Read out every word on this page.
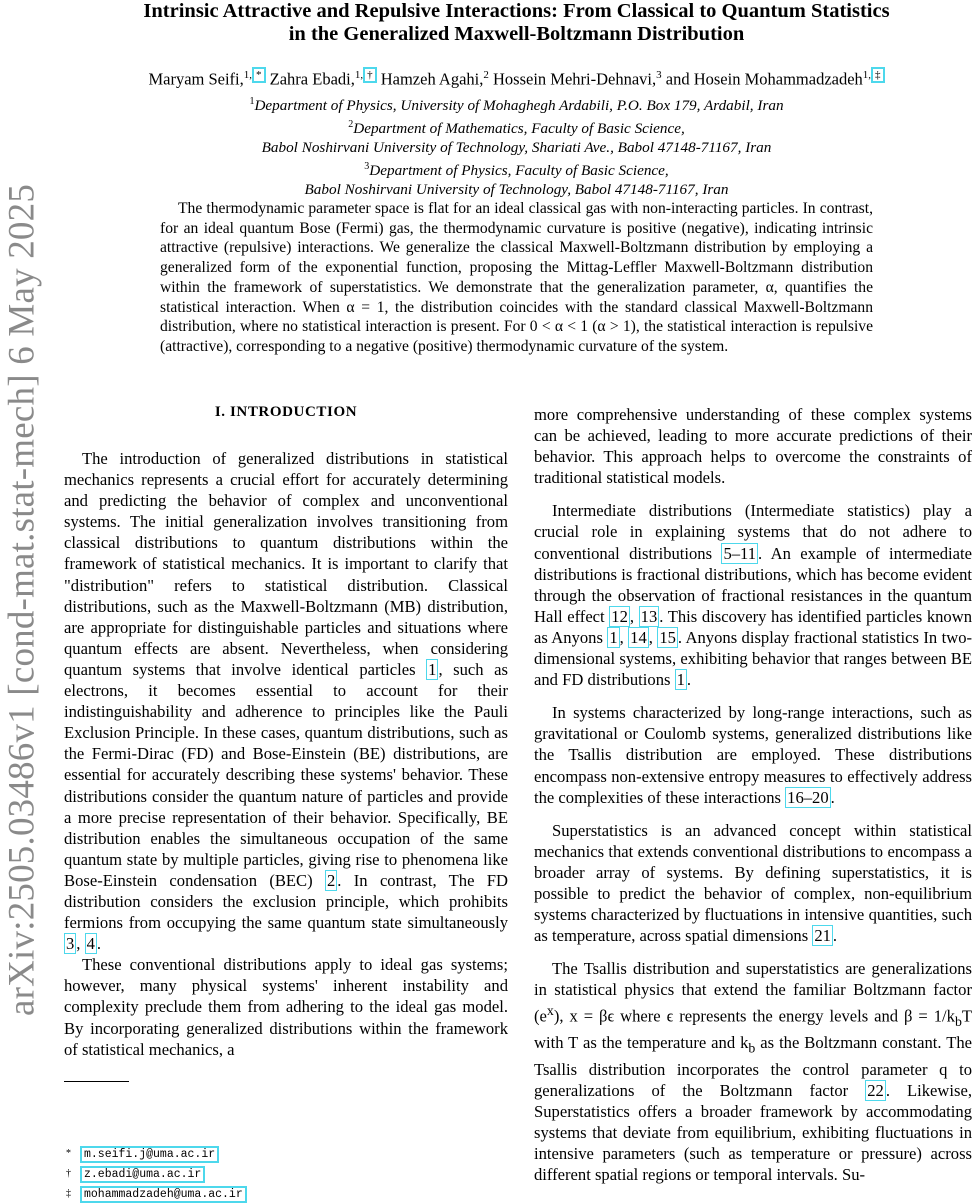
arXiv:2505.03486v1 [cond-mat.stat-mech] 6 May 2025
Intrinsic Attractive and Repulsive Interactions: From Classical to Quantum Statistics
in the Generalized Maxwell-Boltzmann Distribution
Maryam Seifi,$^{1,}$ * Zahra Ebadi,$^{1,}$ † Hamzeh Agahi,$^2$ Hossein Mehri-Dehnavi,$^3$ and Hosein Mohammadzadeh$^{1,}$ ‡
$^1$Department of Physics, University of Mohaghegh Ardabili, P.O. Box 179, Ardabil, Iran
$^2$Department of Mathematics, Faculty of Basic Science,
Babol Noshirvani University of Technology, Shariati Ave., Babol 47148-71167, Iran
$^3$Department of Physics, Faculty of Basic Science,
Babol Noshirvani University of Technology, Babol 47148-71167, Iran
The thermodynamic parameter space is flat for an ideal classical gas with non-interacting particles. In contrast, for an ideal quantum Bose (Fermi) gas, the thermodynamic curvature is positive (negative), indicating intrinsic attractive (repulsive) interactions. We generalize the classical Maxwell-Boltzmann distribution by employing a generalized form of the exponential function, proposing the Mittag-Leffler Maxwell-Boltzmann distribution within the framework of superstatistics. We demonstrate that the generalization parameter, α, quantifies the statistical interaction. When α = 1, the distribution coincides with the standard classical Maxwell-Boltzmann distribution, where no statistical interaction is present. For 0 < α < 1 (α > 1), the statistical interaction is repulsive (attractive), corresponding to a negative (positive) thermodynamic curvature of the system.
I. INTRODUCTION

The introduction of generalized distributions in statistical mechanics represents a crucial effort for accurately determining and predicting the behavior of complex and unconventional systems. The initial generalization involves transitioning from classical distributions to quantum distributions within the framework of statistical mechanics. It is important to clarify that "distribution" refers to statistical distribution. Classical distributions, such as the Maxwell-Boltzmann (MB) distribution, are appropriate for distinguishable particles and situations where quantum effects are absent. Nevertheless, when considering quantum systems that involve identical particles 1 , such as electrons, it becomes essential to account for their indistinguishability and adherence to principles like the Pauli Exclusion Principle. In these cases, quantum distributions, such as the Fermi-Dirac (FD) and Bose-Einstein (BE) distributions, are essential for accurately describing these systems' behavior. These distributions consider the quantum nature of particles and provide a more precise representation of their behavior. Specifically, BE distribution enables the simultaneous occupation of the same quantum state by multiple particles, giving rise to phenomena like Bose-Einstein condensation (BEC) 2 . In contrast, The FD distribution considers the exclusion principle, which prohibits fermions from occupying the same quantum state simultaneously 3 , 4 .

These conventional distributions apply to ideal gas systems; however, many physical systems' inherent instability and complexity preclude them from adhering to the ideal gas model. By incorporating generalized distributions within the framework of statistical mechanics, a

more comprehensive understanding of these complex systems can be achieved, leading to more accurate predictions of their behavior. This approach helps to overcome the constraints of traditional statistical models.

Intermediate distributions (Intermediate statistics) play a crucial role in explaining systems that do not adhere to conventional distributions 5–11 . An example of intermediate distributions is fractional distributions, which has become evident through the observation of fractional resistances in the quantum Hall effect 12 , 13 . This discovery has identified particles known as Anyons 1 , 14 , 15 . Anyons display fractional statistics In two-dimensional systems, exhibiting behavior that ranges between BE and FD distributions 1 .

In systems characterized by long-range interactions, such as gravitational or Coulomb systems, generalized distributions like the Tsallis distribution are employed. These distributions encompass non-extensive entropy measures to effectively address the complexities of these interactions 16–20 .

Superstatistics is an advanced concept within statistical mechanics that extends conventional distributions to encompass a broader array of systems. By defining superstatistics, it is possible to predict the behavior of complex, non-equilibrium systems characterized by fluctuations in intensive quantities, such as temperature, across spatial dimensions 21 .

The Tsallis distribution and superstatistics are generalizations in statistical physics that extend the familiar Boltzmann factor $(e^x)$, x = βϵ where ϵ represents the energy levels and $\beta = 1/k_bT$ with T as the temperature and $k_b$ as the Boltzmann constant. The Tsallis distribution incorporates the control parameter q to generalizations of the Boltzmann factor 22 . Likewise, Superstatistics offers a broader framework by accommodating systems that deviate from equilibrium, exhibiting fluctuations in intensive parameters (such as temperature or pressure) across different spatial regions or temporal intervals. Su-

* m.seifi.j@uma.ac.ir
† z.ebadi@uma.ac.ir
‡ mohammadzadeh@uma.ac.ir
